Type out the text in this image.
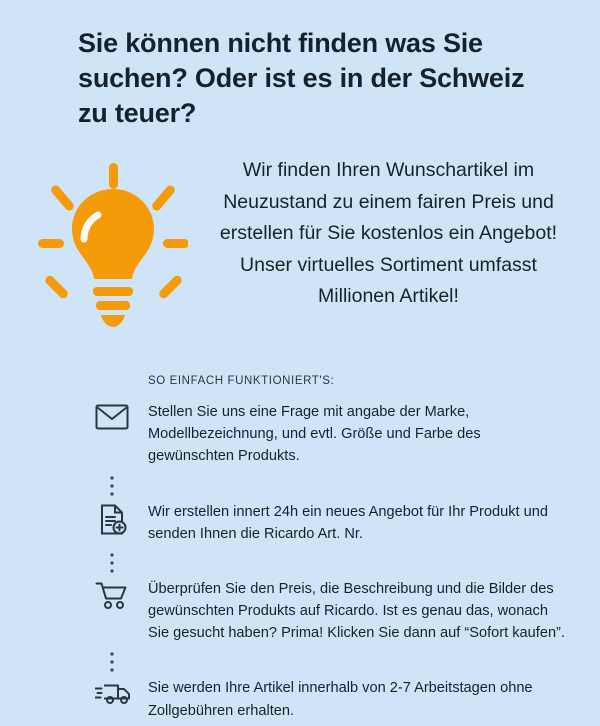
Sie können nicht finden was Sie suchen? Oder ist es in der Schweiz zu teuer?
Wir finden Ihren Wunschartikel im Neuzustand zu einem fairen Preis und erstellen für Sie kostenlos ein Angebot! Unser virtuelles Sortiment umfasst Millionen Artikel!
SO EINFACH FUNKTIONIERT'S:
Stellen Sie uns eine Frage mit angabe der Marke, Modellbezeichnung, und evtl. Größe und Farbe des gewünschten Produkts.
Wir erstellen innert 24h ein neues Angebot für Ihr Produkt und senden Ihnen die Ricardo Art. Nr.
Überprüfen Sie den Preis, die Beschreibung und die Bilder des gewünschten Produkts auf Ricardo. Ist es genau das, wonach Sie gesucht haben? Prima! Klicken Sie dann auf “Sofort kaufen”.
Sie werden Ihre Artikel innerhalb von 2-7 Arbeitstagen ohne Zollgebühren erhalten.
